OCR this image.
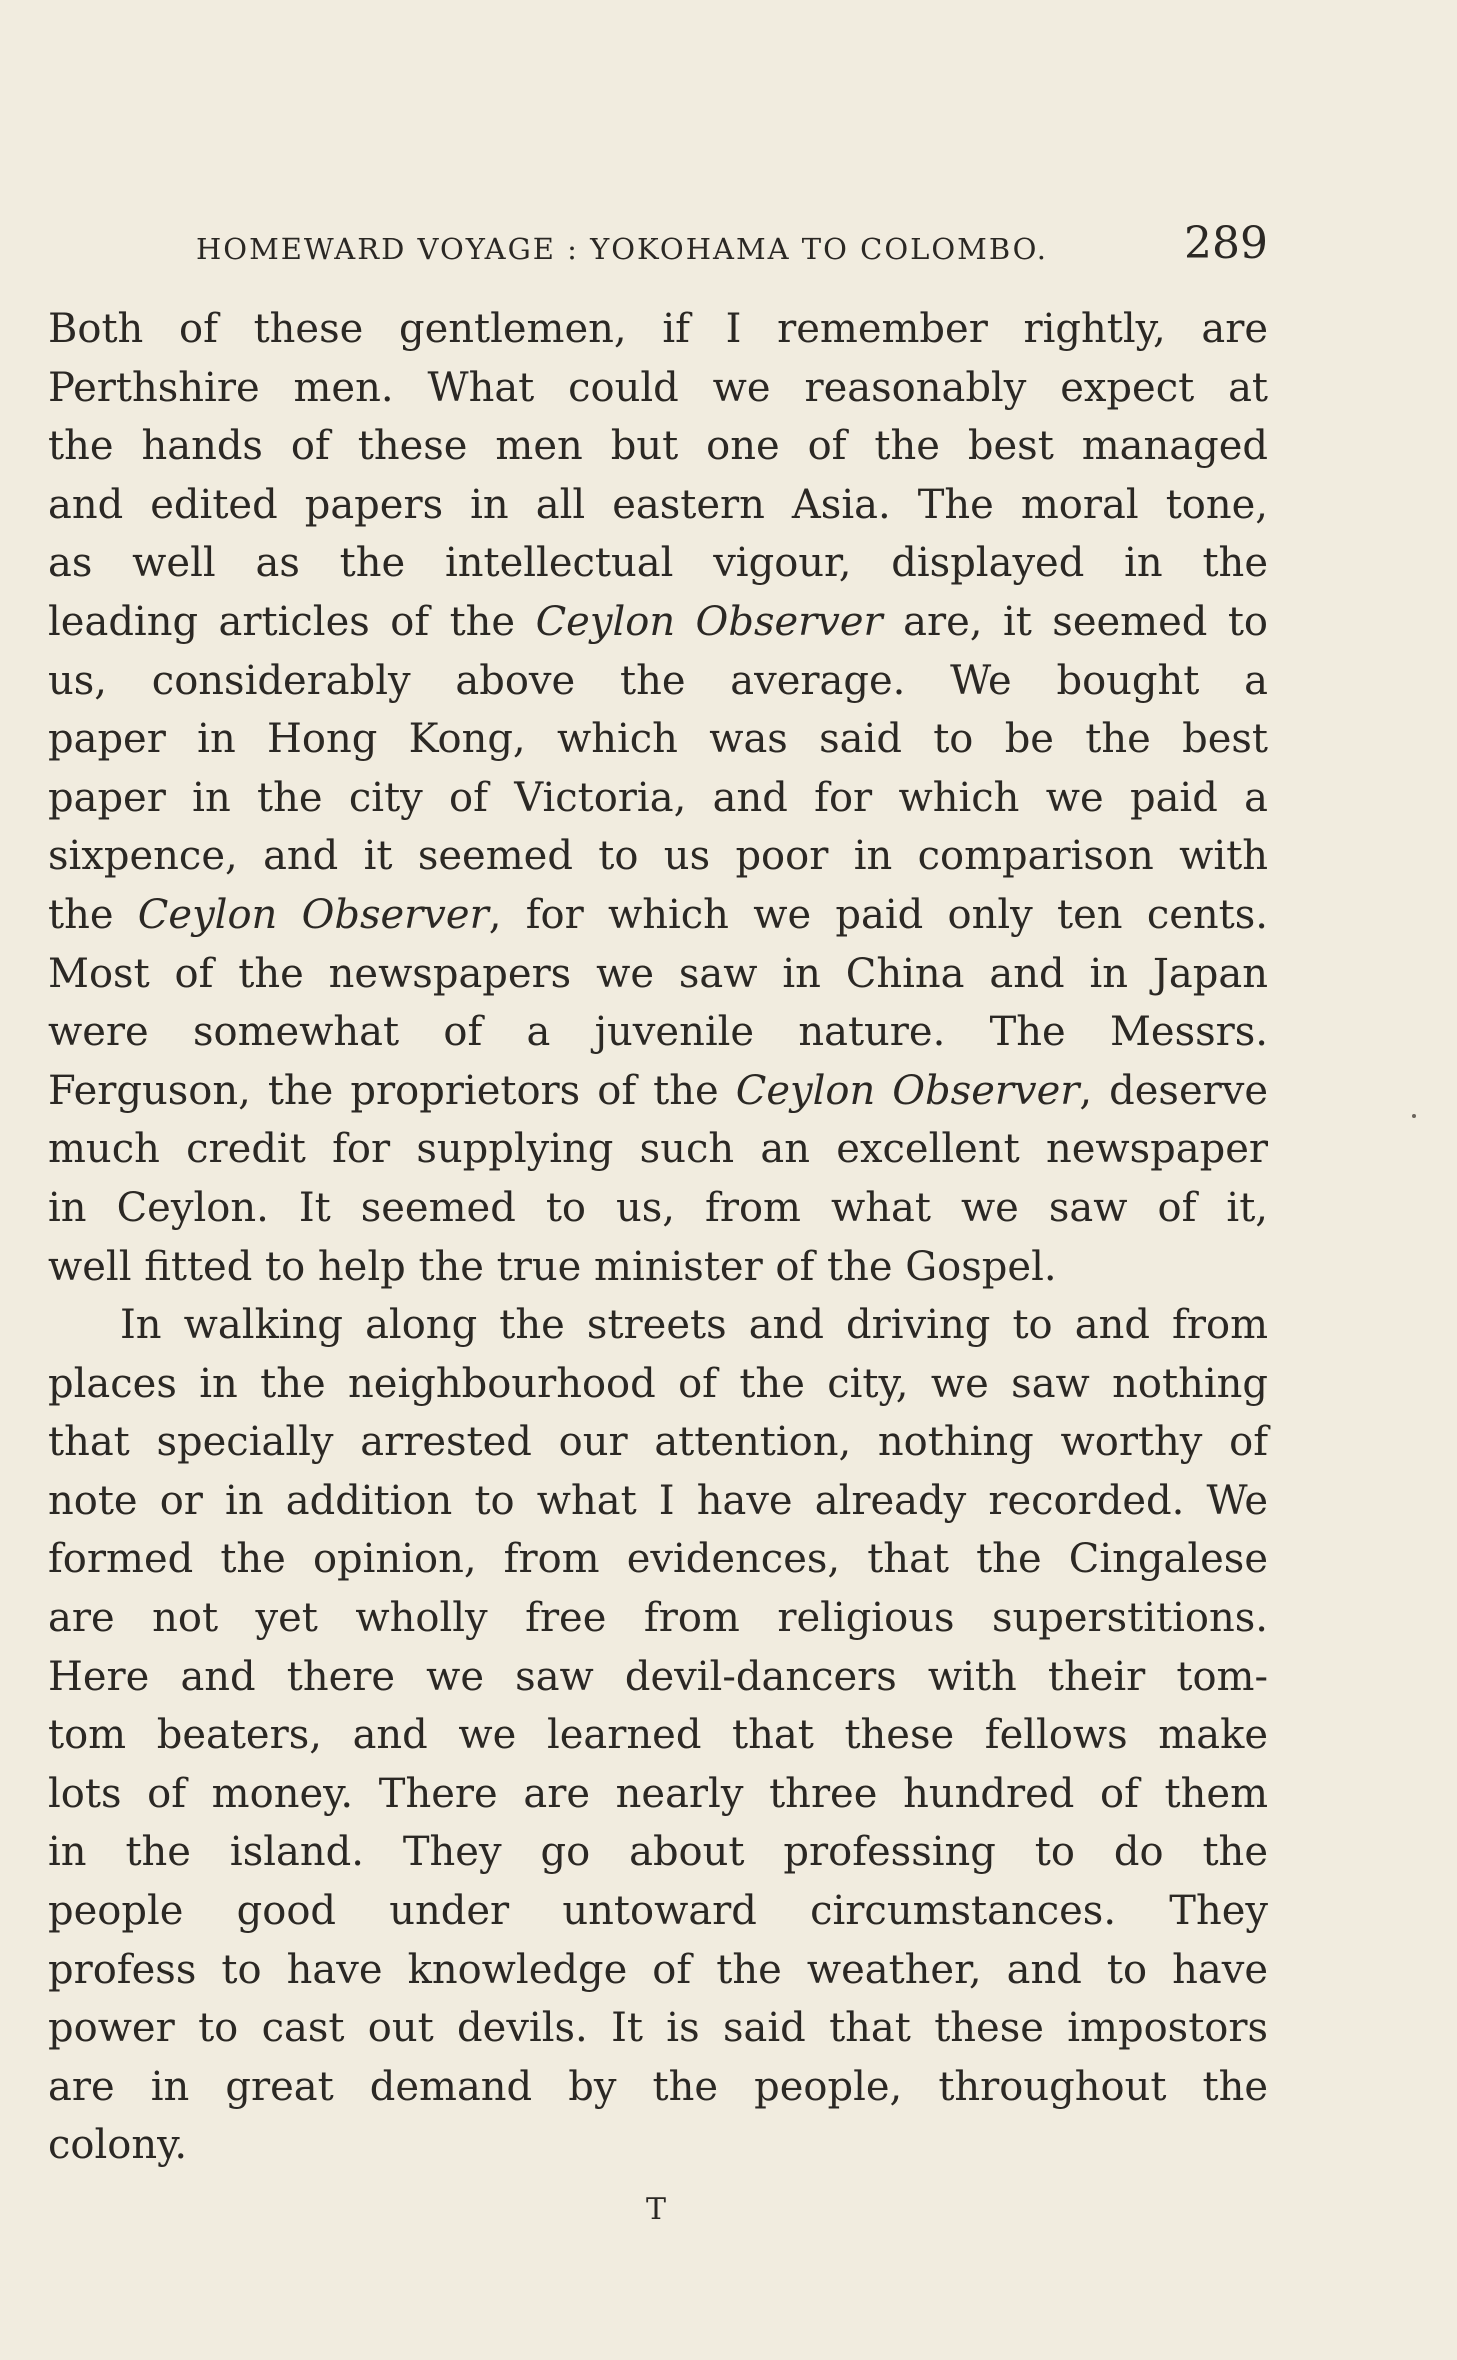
HOMEWARD VOYAGE : YOKOHAMA TO COLOMBO.	289
Both of these gentlemen, if I remember rightly, are
Perthshire men. What could we reasonably expect at
the hands of these men but one of the best managed
and edited papers in all eastern Asia. The moral tone,
as well as the intellectual vigour, displayed in the
leading articles of the Ceylon Observer are, it seemed to
us, considerably above the average. We bought a
paper in Hong Kong, which was said to be the best
paper in the city of Victoria, and for which we paid a
sixpence, and it seemed to us poor in comparison with
the Ceylon Observer, for which we paid only ten cents.
Most of the newspapers we saw in China and in Japan
were somewhat of a juvenile nature. The Messrs.
Ferguson, the proprietors of the Ceylon Observer, deserve
much credit for supplying such an excellent newspaper
in Ceylon. It seemed to us, from what we saw of it,
well fitted to help the true minister of the Gospel.
In walking along the streets and driving to and from
places in the neighbourhood of the city, we saw nothing
that specially arrested our attention, nothing worthy of
note or in addition to what I have already recorded. We
formed the opinion, from evidences, that the Cingalese
are not yet wholly free from religious superstitions.
Here and there we saw devil-dancers with their tom-
tom beaters, and we learned that these fellows make
lots of money. There are nearly three hundred of them
in the island. They go about professing to do the
people good under untoward circumstances. They
profess to have knowledge of the weather, and to have
power to cast out devils. It is said that these impostors
are in great demand by the people, throughout the
colony.
T
